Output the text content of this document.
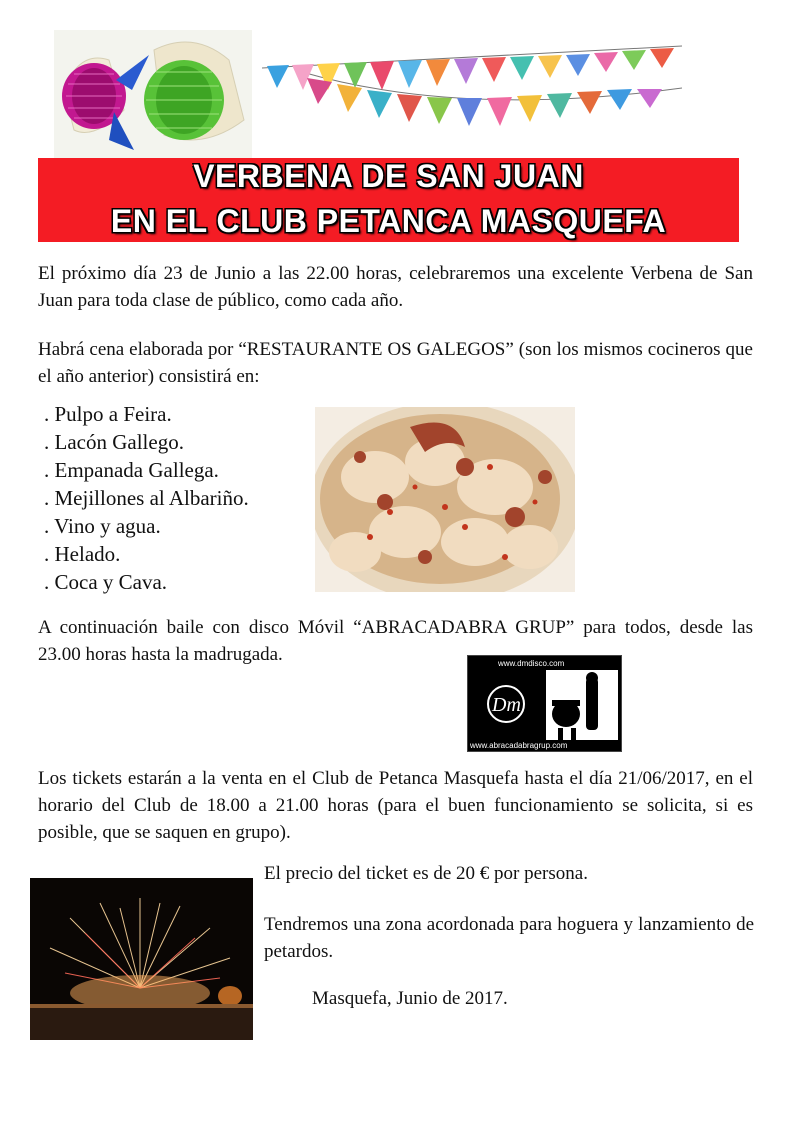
VERBENA DE SAN JUAN
EN EL CLUB PETANCA MASQUEFA

El próximo día 23 de Junio a las 22.00 horas, celebraremos una excelente Verbena de San Juan para toda clase de público, como cada año.

Habrá cena elaborada por “RESTAURANTE OS GALEGOS” (son los mismos cocineros que el año anterior) consistirá en:

. Pulpo a Feira.
. Lacón Gallego.
. Empanada Gallega.
. Mejillones al Albariño.
. Vino y agua.
. Helado.
. Coca y Cava.

A continuación baile con disco Móvil “ABRACADABRA GRUP” para todos, desde las 23.00 horas hasta la madrugada.	www.dmdisco.com
Dm
www.abracadabragrup.com

Los tickets estarán a la venta en el Club de Petanca Masquefa hasta el día 21/06/2017, en el horario del Club de 18.00 a 21.00 horas (para el buen funcionamiento se solicita, si es posible, que se saquen en grupo).

El precio del ticket es de 20 € por persona.

Tendremos una zona acordonada para hoguera y lanzamiento de petardos.

Masquefa, Junio de 2017.
